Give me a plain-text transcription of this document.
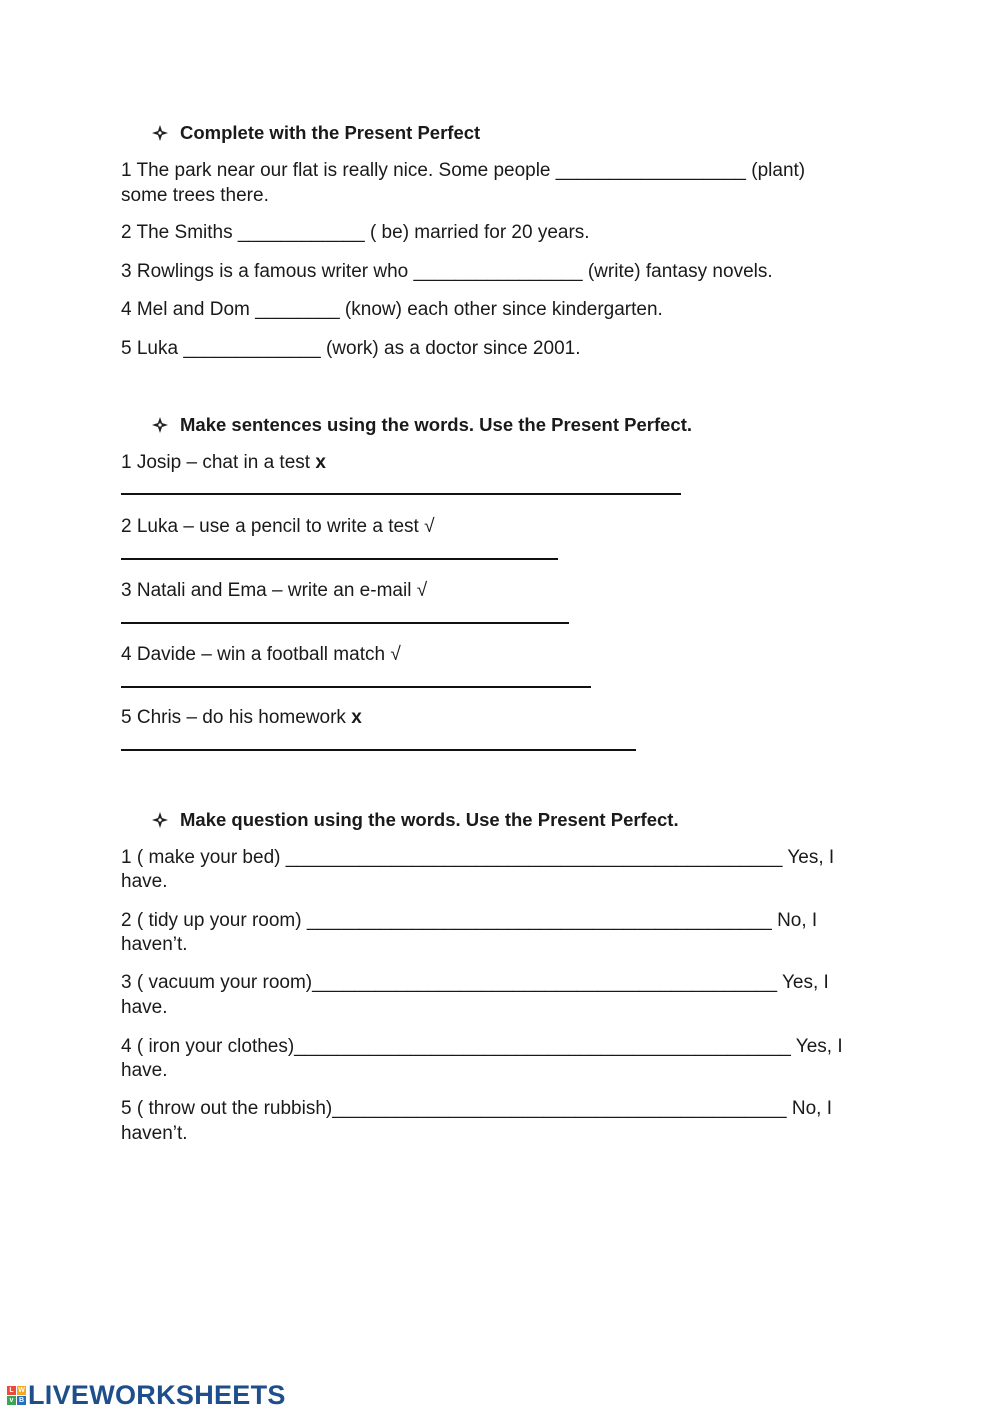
Complete with the Present Perfect
1 The park near our flat is really nice. Some people __________________ (plant)
some trees there.
2 The Smiths ____________ ( be) married for 20 years.
3 Rowlings is a famous writer who ________________ (write) fantasy novels.
4 Mel and Dom ________ (know) each other since kindergarten.
5 Luka _____________ (work) as a doctor since 2001.
Make sentences using the words. Use the Present Perfect.
1 Josip – chat in a test x
2 Luka – use a pencil to write a test √
3 Natali and Ema – write an e-mail √
4 Davide – win a football match √
5 Chris – do his homework x
Make question using the words. Use the Present Perfect.
1 ( make your bed) _______________________________________________ Yes, I
have.
2 ( tidy up your room) ____________________________________________ No, I
haven’t.
3 ( vacuum your room)____________________________________________ Yes, I
have.
4 ( iron your clothes)_______________________________________________ Yes, I
have.
5 ( throw out the rubbish)___________________________________________ No, I
haven’t.
L W
v B LIVEWORKSHEETS
